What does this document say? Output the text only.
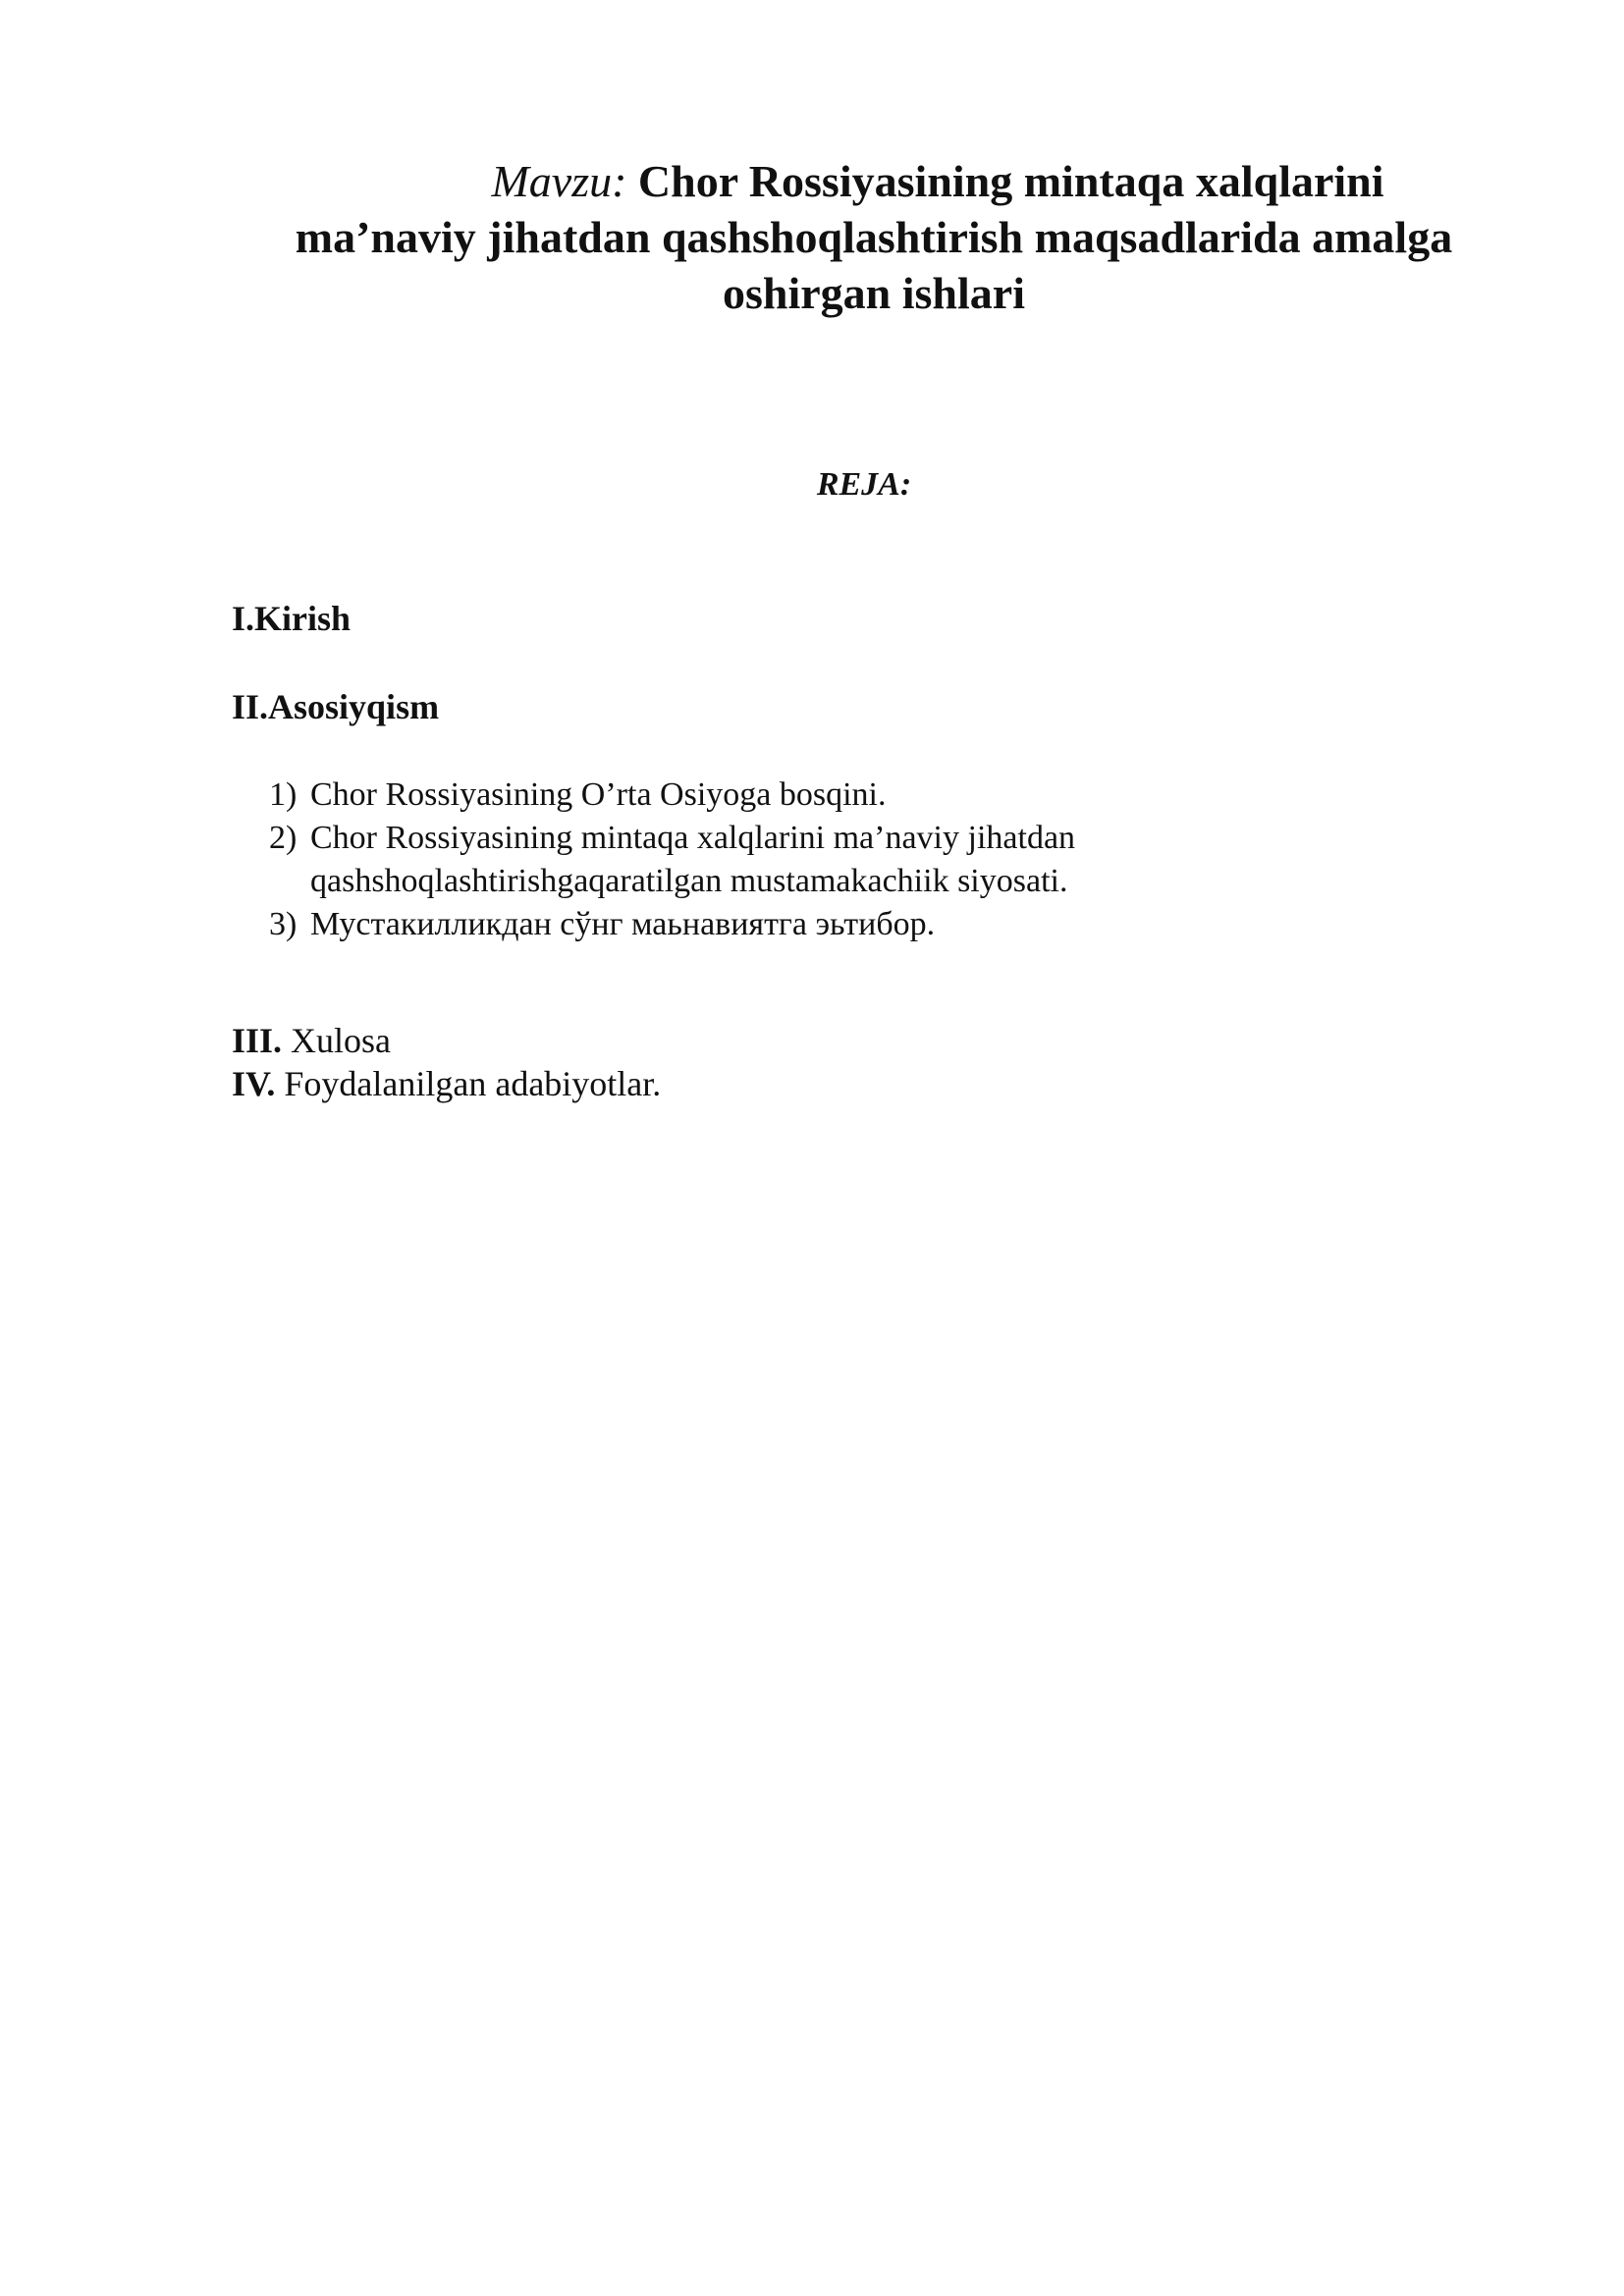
Mavzu: Chor Rossiyasining mintaqa xalqlarini
ma’naviy jihatdan qashshoqlashtirish maqsadlarida amalga
oshirgan ishlari

REJA:

I.Kirish

II.Asosiyqism

1) Chor Rossiyasining O’rta Osiyoga bosqini.
2) Chor Rossiyasining mintaqa xalqlarini ma’naviy jihatdan
qashshoqlashtirishgaqaratilgan mustamakachiik siyosati.
3) Мустакилликдан сўнг маьнавиятга эьтибор.

III. Xulosa

IV. Foydalanilgan adabiyotlar.
